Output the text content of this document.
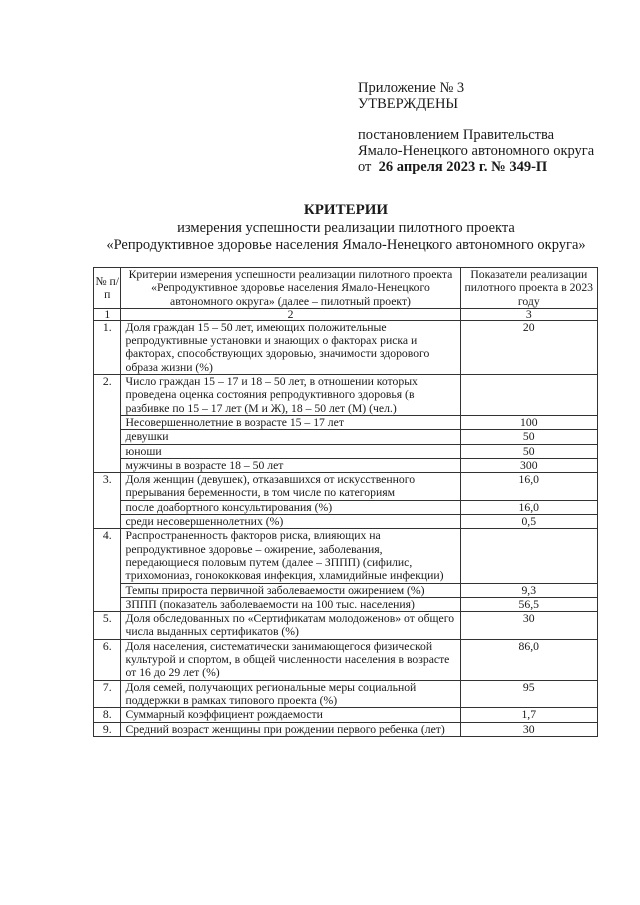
Приложение № 3
УТВЕРЖДЕНЫ
постановлением Правительства
Ямало-Ненецкого автономного округа
от 26 апреля 2023 г. № 349-П
КРИТЕРИИ
измерения успешности реализации пилотного проекта
«Репродуктивное здоровье населения Ямало-Ненецкого автономного округа»
№ п/п	Критерии измерения успешности реализации пилотного проекта «Репродуктивное здоровье населения Ямало-Ненецкого автономного округа» (далее – пилотный проект)	Показатели реализации пилотного проекта в 2023 году
1	2	3
1.	Доля граждан 15 – 50 лет, имеющих положительные репродуктивные установки и знающих о факторах риска и факторах, способствующих здоровью, значимости здорового образа жизни (%)	20
2.	Число граждан 15 – 17 и 18 – 50 лет, в отношении которых проведена оценка состояния репродуктивного здоровья (в разбивке по 15 – 17 лет (М и Ж), 18 – 50 лет (М) (чел.)	
	Несовершеннолетние в возрасте 15 – 17 лет	100
	девушки	50
	юноши	50
	мужчины в возрасте 18 – 50 лет	300
3.	Доля женщин (девушек), отказавшихся от искусственного прерывания беременности, в том числе по категориям	16,0
	после доабортного консультирования (%)	16,0
	среди несовершеннолетних (%)	0,5
4.	Распространенность факторов риска, влияющих на репродуктивное здоровье – ожирение, заболевания, передающиеся половым путем (далее – ЗППП) (сифилис, трихомониаз, гонококковая инфекция, хламидийные инфекции)	
	Темпы прироста первичной заболеваемости ожирением (%)	9,3
	ЗППП (показатель заболеваемости на 100 тыс. населения)	56,5
5.	Доля обследованных по «Сертификатам молодоженов» от общего числа выданных сертификатов (%)	30
6.	Доля населения, систематически занимающегося физической культурой и спортом, в общей численности населения в возрасте от 16 до 29 лет (%)	86,0
7.	Доля семей, получающих региональные меры социальной поддержки в рамках типового проекта (%)	95
8.	Суммарный коэффициент рождаемости	1,7
9.	Средний возраст женщины при рождении первого ребенка (лет)	30
